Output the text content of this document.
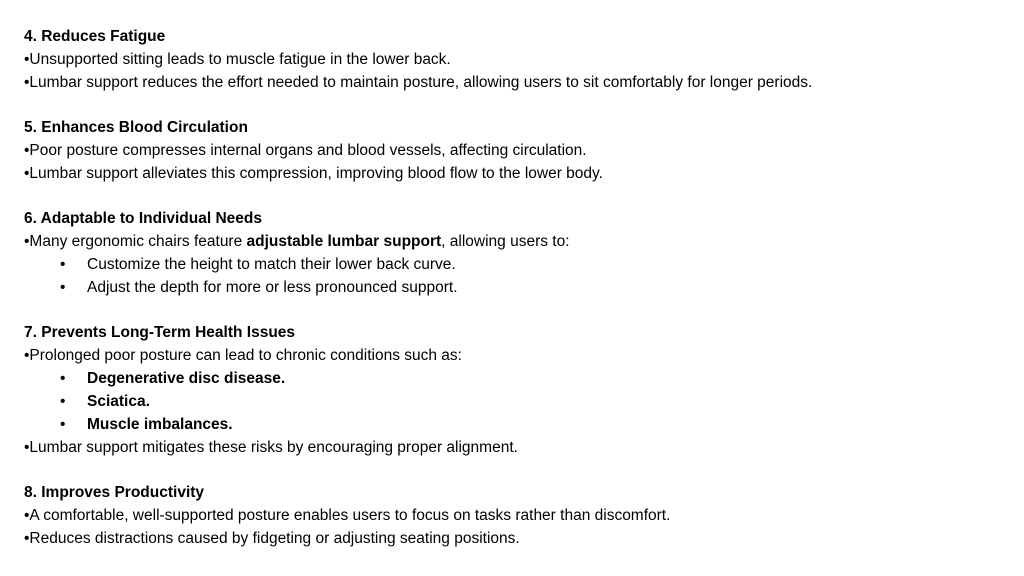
4. Reduces Fatigue
•Unsupported sitting leads to muscle fatigue in the lower back.
•Lumbar support reduces the effort needed to maintain posture, allowing users to sit comfortably for longer periods.
5. Enhances Blood Circulation
•Poor posture compresses internal organs and blood vessels, affecting circulation.
•Lumbar support alleviates this compression, improving blood flow to the lower body.
6. Adaptable to Individual Needs
•Many ergonomic chairs feature adjustable lumbar support, allowing users to:
• Customize the height to match their lower back curve.
• Adjust the depth for more or less pronounced support.
7. Prevents Long-Term Health Issues
•Prolonged poor posture can lead to chronic conditions such as:
• Degenerative disc disease.
• Sciatica.
• Muscle imbalances.
•Lumbar support mitigates these risks by encouraging proper alignment.
8. Improves Productivity
•A comfortable, well-supported posture enables users to focus on tasks rather than discomfort.
•Reduces distractions caused by fidgeting or adjusting seating positions.
